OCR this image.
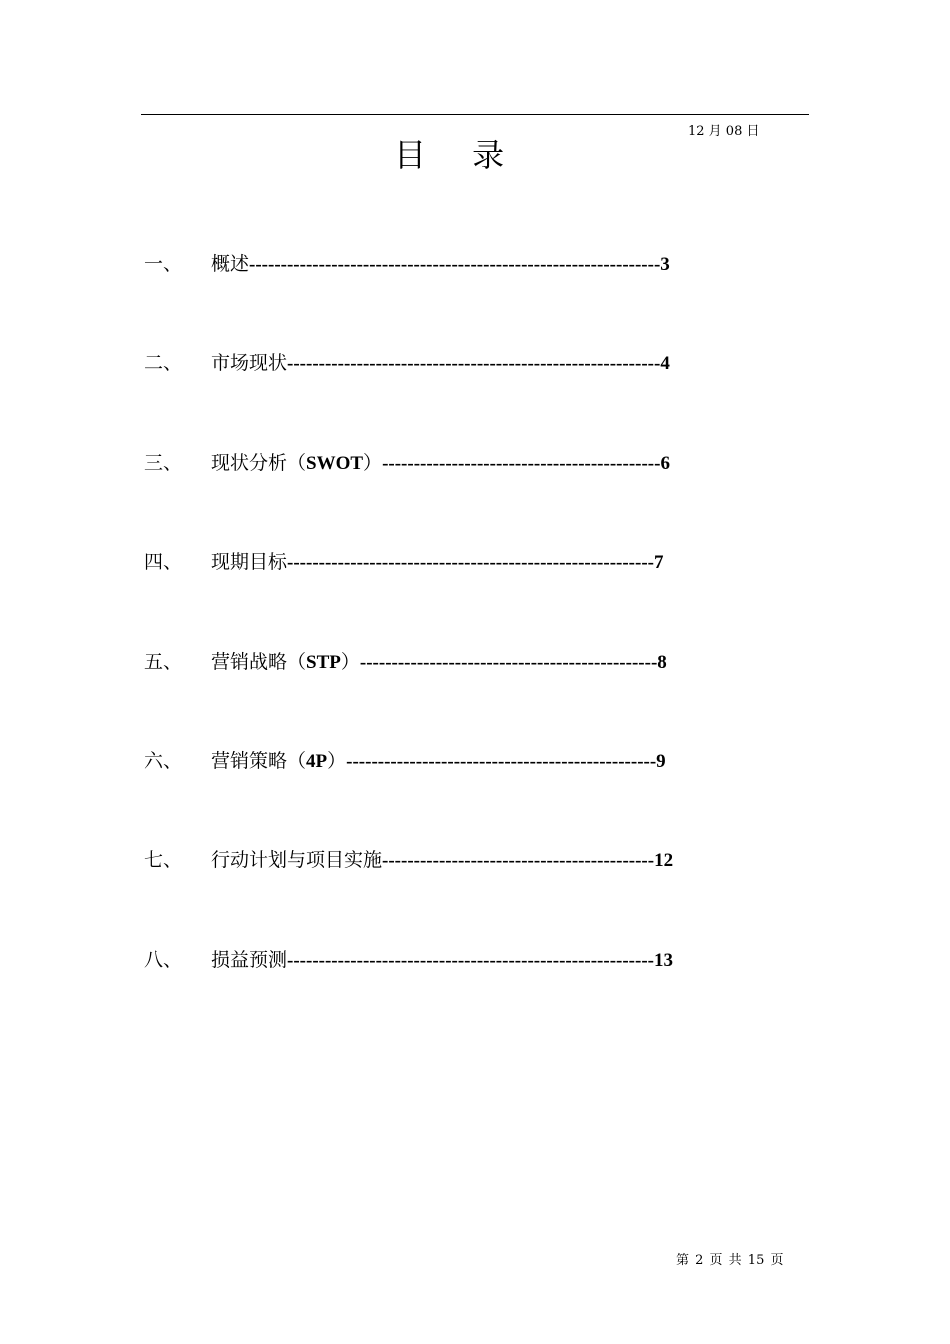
12 月 08 日
目 录
一、 概述-----------------------------------------------------------------3
二、 市场现状-----------------------------------------------------------4
三、 现状分析（SWOT）--------------------------------------------6
四、 现期目标----------------------------------------------------------7
五、 营销战略（STP）-----------------------------------------------8
六、 营销策略（4P）-------------------------------------------------9
七、 行动计划与项目实施-------------------------------------------12
八、 损益预测----------------------------------------------------------13
第 2 页 共 15 页
